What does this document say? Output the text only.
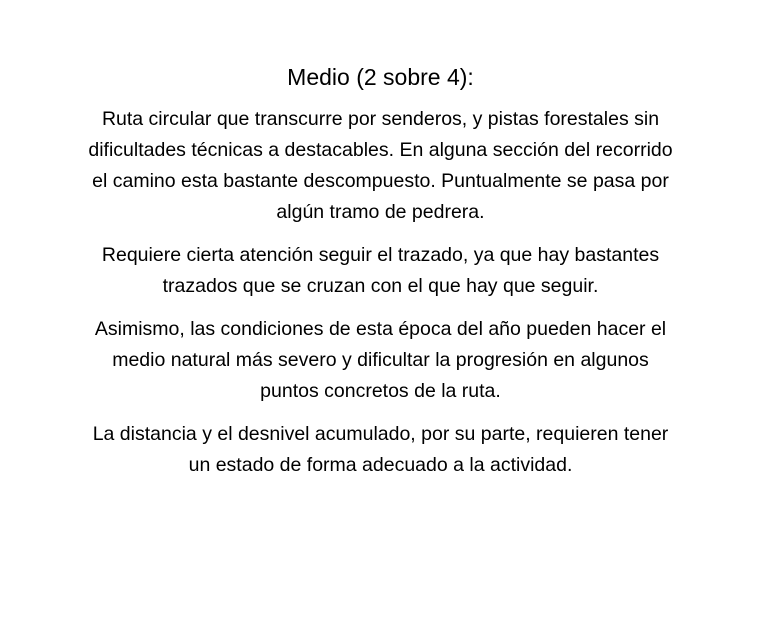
Medio (2 sobre 4):

Ruta circular que transcurre por senderos, y pistas forestales sin dificultades técnicas a destacables. En alguna sección del recorrido el camino esta bastante descompuesto. Puntualmente se pasa por algún tramo de pedrera.

Requiere cierta atención seguir el trazado, ya que hay bastantes trazados que se cruzan con el que hay que seguir.

Asimismo, las condiciones de esta época del año pueden hacer el medio natural más severo y dificultar la progresión en algunos puntos concretos de la ruta.

La distancia y el desnivel acumulado, por su parte, requieren tener un estado de forma adecuado a la actividad.
